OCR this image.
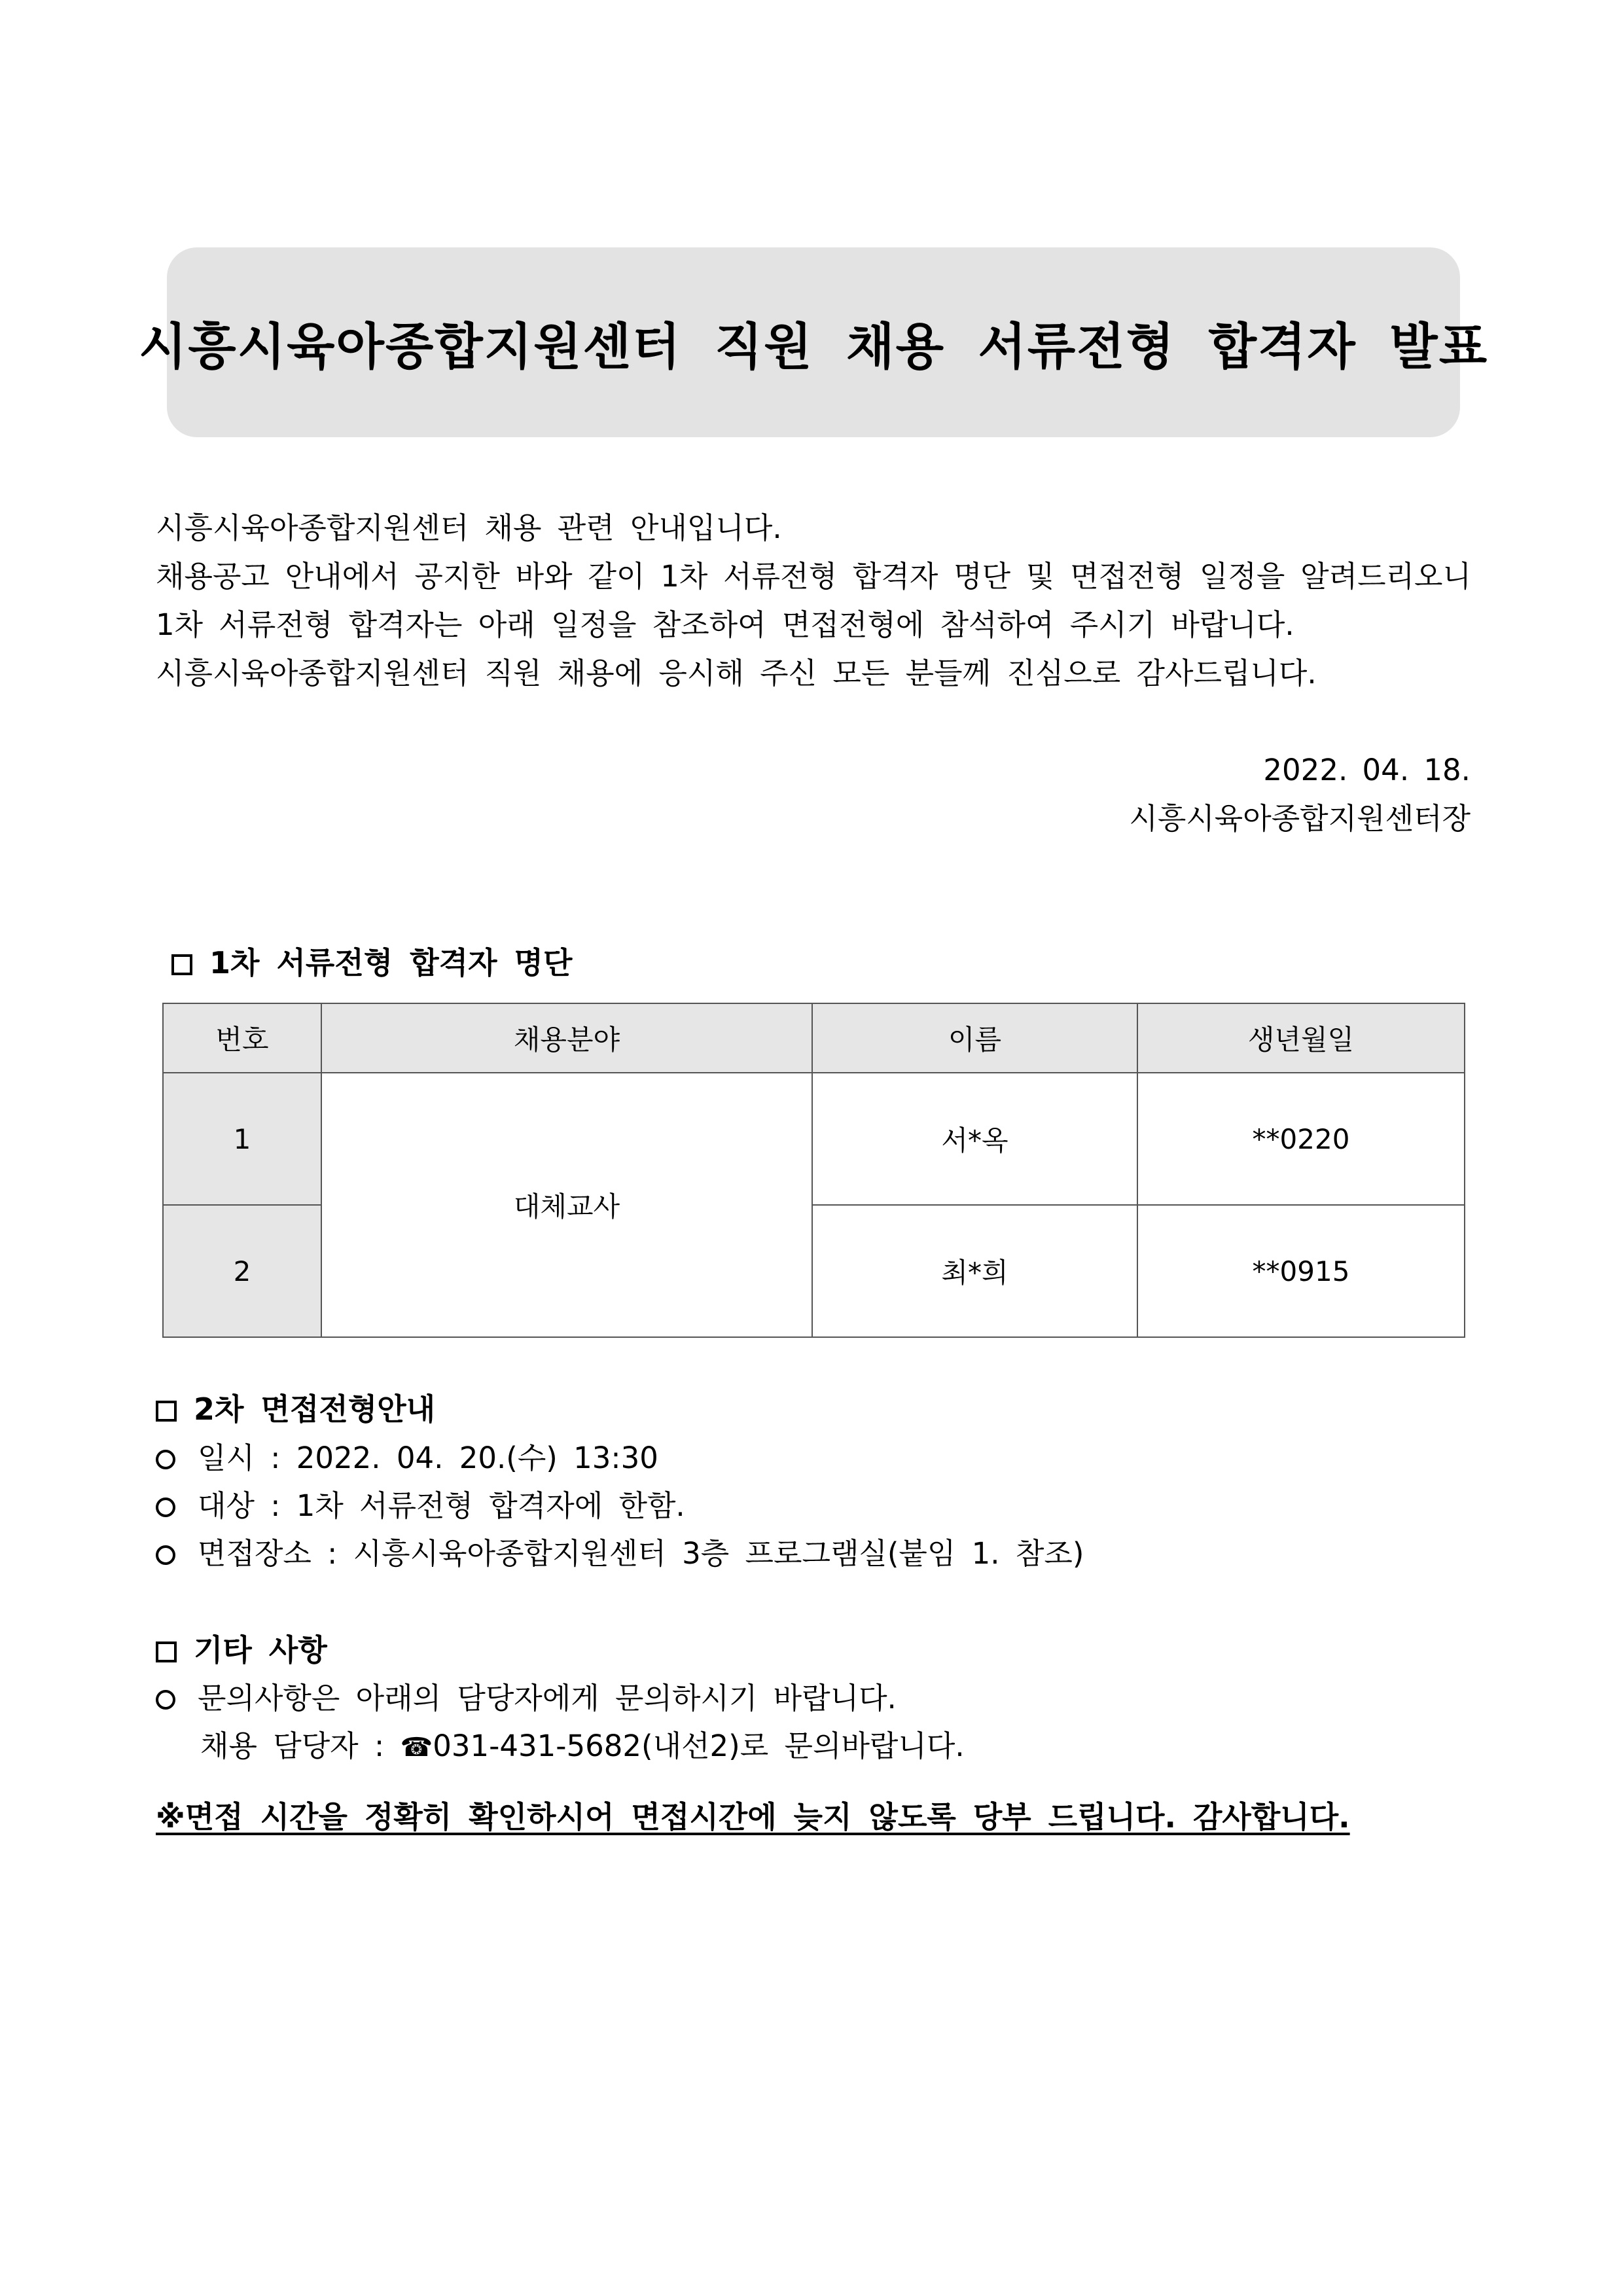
시흥시육아종합지원센터 직원 채용 서류전형 합격자 발표

시흥시육아종합지원센터 채용 관련 안내입니다.

채용공고 안내에서 공지한 바와 같이 1차 서류전형 합격자 명단 및 면접전형 일정을 알려드리오니

1차 서류전형 합격자는 아래 일정을 참조하여 면접전형에 참석하여 주시기 바랍니다.

시흥시육아종합지원센터 직원 채용에 응시해 주신 모든 분들께 진심으로 감사드립니다.

2022. 04. 18.
시흥시육아종합지원센터장
1차 서류전형 합격자 명단
번호	채용분야	이름	생년월일
1	대체교사	서*옥	**0220
2		최*희	**0915
2차 면접전형안내
일시 : 2022. 04. 20.(수) 13:30
대상 : 1차 서류전형 합격자에 한함.
면접장소 : 시흥시육아종합지원센터 3층 프로그램실(붙임 1. 참조)
기타 사항
문의사항은 아래의 담당자에게 문의하시기 바랍니다.
채용 담당자 : ☎031-431-5682(내선2)로 문의바랍니다.
※면접 시간을 정확히 확인하시어 면접시간에 늦지 않도록 당부 드립니다. 감사합니다.
